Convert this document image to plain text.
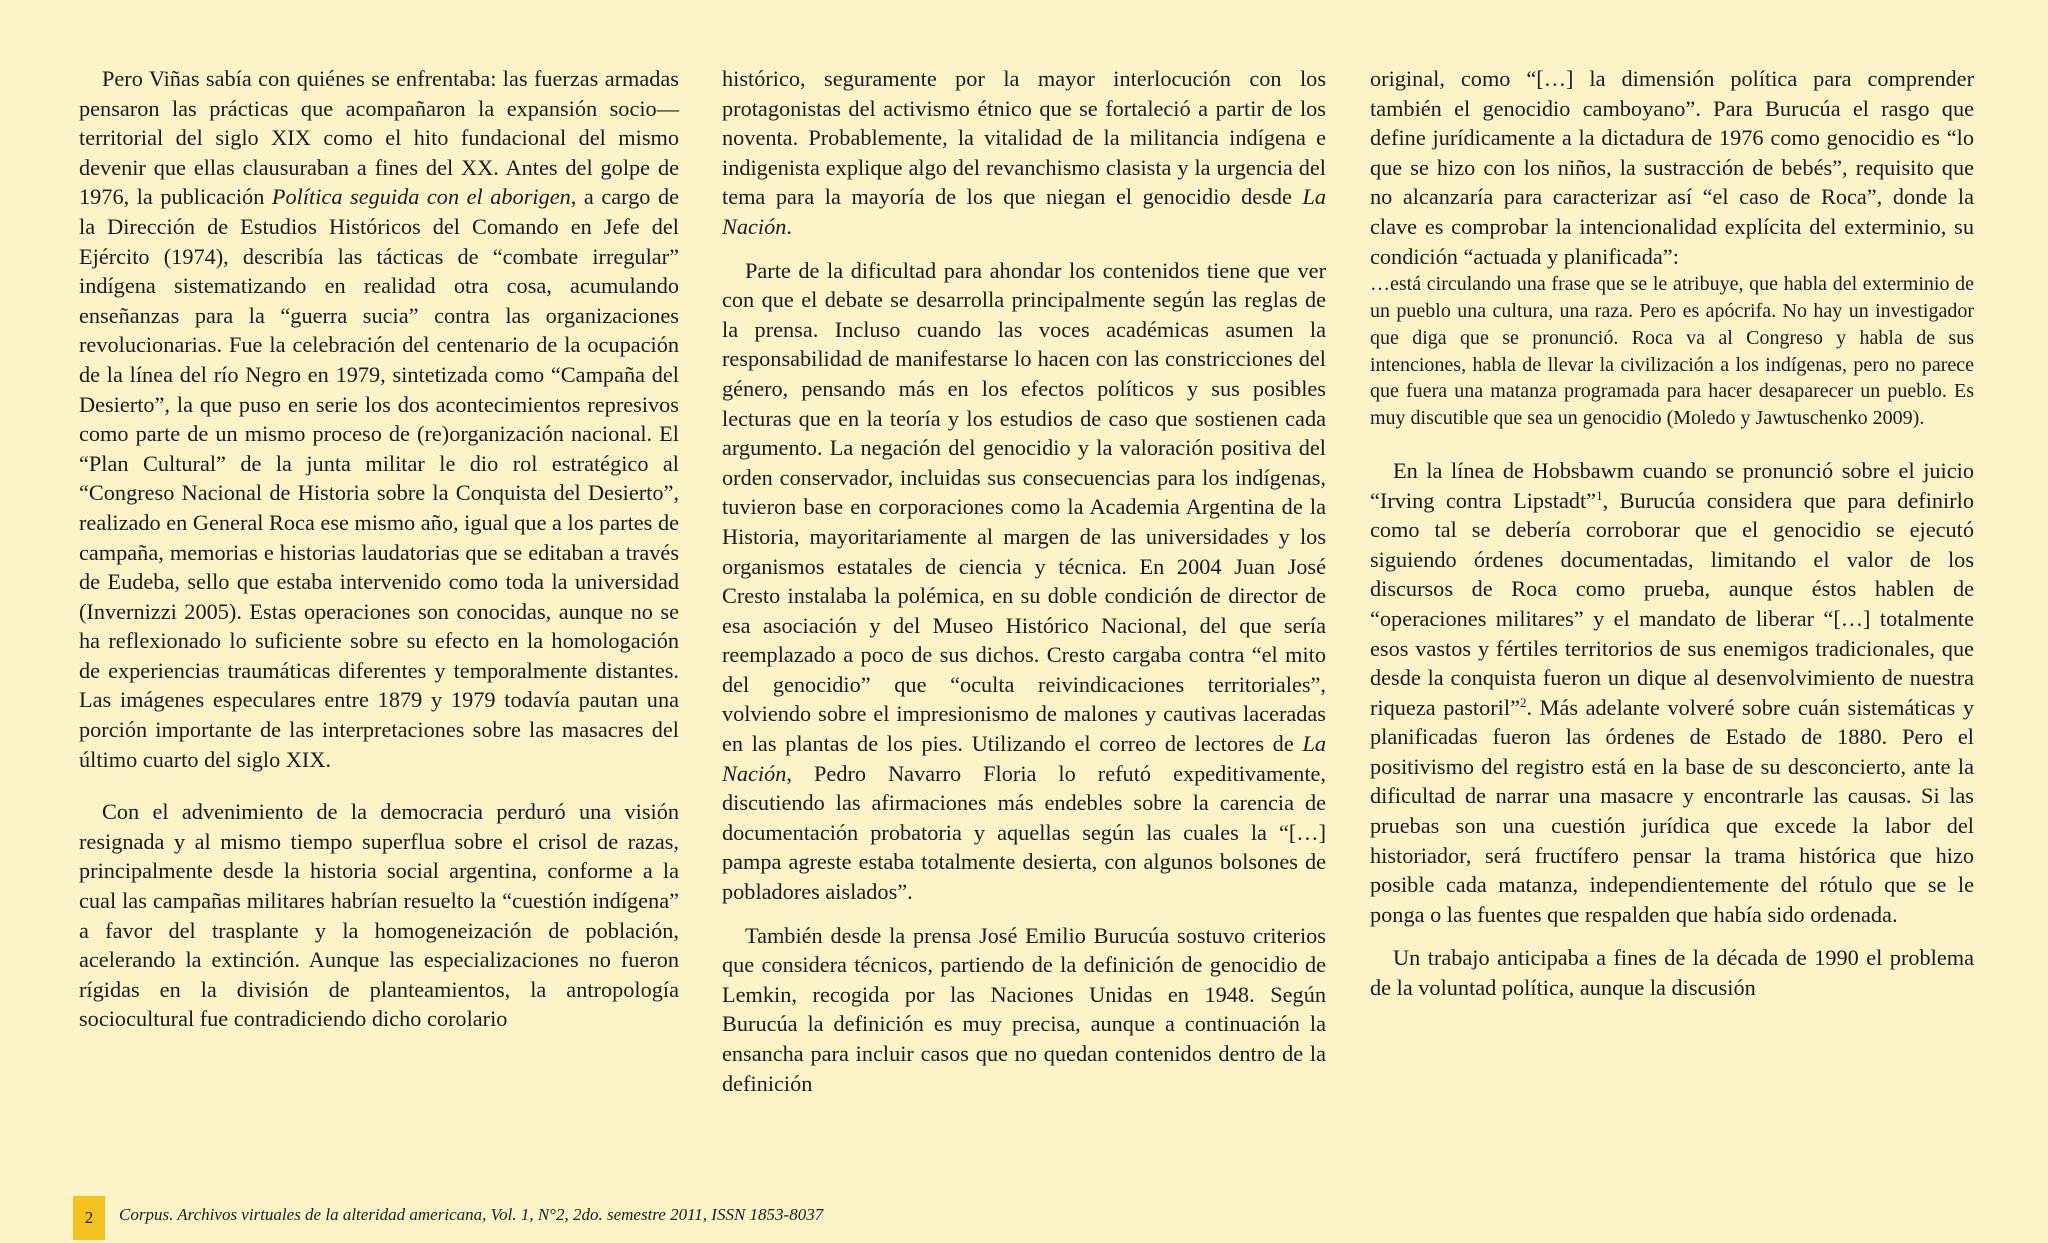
Pero Viñas sabía con quiénes se enfrentaba: las fuerzas armadas pensaron las prácticas que acompañaron la expansión socio—territorial del siglo XIX como el hito fundacional del mismo devenir que ellas clausuraban a fines del XX. Antes del golpe de 1976, la publicación Política seguida con el aborigen, a cargo de la Dirección de Estudios Históricos del Comando en Jefe del Ejército (1974), describía las tácticas de “combate irregular” indígena sistematizando en realidad otra cosa, acumulando enseñanzas para la “guerra sucia” contra las organizaciones revolucionarias. Fue la celebración del centenario de la ocupación de la línea del río Negro en 1979, sintetizada como “Campaña del Desierto”, la que puso en serie los dos acontecimientos represivos como parte de un mismo proceso de (re)organización nacional. El “Plan Cultural” de la junta militar le dio rol estratégico al “Congreso Nacional de Historia sobre la Conquista del Desierto”, realizado en General Roca ese mismo año, igual que a los partes de campaña, memorias e historias laudatorias que se editaban a través de Eudeba, sello que estaba intervenido como toda la universidad (Invernizzi 2005). Estas operaciones son conocidas, aunque no se ha reflexionado lo suficiente sobre su efecto en la homologación de experiencias traumáticas diferentes y temporalmente distantes. Las imágenes especulares entre 1879 y 1979 todavía pautan una porción importante de las interpretaciones sobre las masacres del último cuarto del siglo XIX.

Con el advenimiento de la democracia perduró una visión resignada y al mismo tiempo superflua sobre el crisol de razas, principalmente desde la historia social argentina, conforme a la cual las campañas militares habrían resuelto la “cuestión indígena” a favor del trasplante y la homogeneización de población, acelerando la extinción. Aunque las especializaciones no fueron rígidas en la división de planteamientos, la antropología sociocultural fue contradiciendo dicho corolario

histórico, seguramente por la mayor interlocución con los protagonistas del activismo étnico que se fortaleció a partir de los noventa. Probablemente, la vitalidad de la militancia indígena e indigenista explique algo del revanchismo clasista y la urgencia del tema para la mayoría de los que niegan el genocidio desde La Nación.

Parte de la dificultad para ahondar los contenidos tiene que ver con que el debate se desarrolla principalmente según las reglas de la prensa. Incluso cuando las voces académicas asumen la responsabilidad de manifestarse lo hacen con las constricciones del género, pensando más en los efectos políticos y sus posibles lecturas que en la teoría y los estudios de caso que sostienen cada argumento. La negación del genocidio y la valoración positiva del orden conservador, incluidas sus consecuencias para los indígenas, tuvieron base en corporaciones como la Academia Argentina de la Historia, mayoritariamente al margen de las universidades y los organismos estatales de ciencia y técnica. En 2004 Juan José Cresto instalaba la polémica, en su doble condición de director de esa asociación y del Museo Histórico Nacional, del que sería reemplazado a poco de sus dichos. Cresto cargaba contra “el mito del genocidio” que “oculta reivindicaciones territoriales”, volviendo sobre el impresionismo de malones y cautivas laceradas en las plantas de los pies. Utilizando el correo de lectores de La Nación, Pedro Navarro Floria lo refutó expeditivamente, discutiendo las afirmaciones más endebles sobre la carencia de documentación probatoria y aquellas según las cuales la “[…] pampa agreste estaba totalmente desierta, con algunos bolsones de pobladores aislados”.

También desde la prensa José Emilio Burucúa sostuvo criterios que considera técnicos, partiendo de la definición de genocidio de Lemkin, recogida por las Naciones Unidas en 1948. Según Burucúa la definición es muy precisa, aunque a continuación la ensancha para incluir casos que no quedan contenidos dentro de la definición

original, como “[…] la dimensión política para comprender también el genocidio camboyano”. Para Burucúa el rasgo que define jurídicamente a la dictadura de 1976 como genocidio es “lo que se hizo con los niños, la sustracción de bebés”, requisito que no alcanzaría para caracterizar así “el caso de Roca”, donde la clave es comprobar la intencionalidad explícita del exterminio, su condición “actuada y planificada”:

…está circulando una frase que se le atribuye, que habla del exterminio de un pueblo una cultura, una raza. Pero es apócrifa. No hay un investigador que diga que se pronunció. Roca va al Congreso y habla de sus intenciones, habla de llevar la civilización a los indígenas, pero no parece que fuera una matanza programada para hacer desaparecer un pueblo. Es muy discutible que sea un genocidio (Moledo y Jawtuschenko 2009).

En la línea de Hobsbawm cuando se pronunció sobre el juicio “Irving contra Lipstadt”$^1$, Burucúa considera que para definirlo como tal se debería corroborar que el genocidio se ejecutó siguiendo órdenes documentadas, limitando el valor de los discursos de Roca como prueba, aunque éstos hablen de “operaciones militares” y el mandato de liberar “[…] totalmente esos vastos y fértiles territorios de sus enemigos tradicionales, que desde la conquista fueron un dique al desenvolvimiento de nuestra riqueza pastoril”$^2$. Más adelante volveré sobre cuán sistemáticas y planificadas fueron las órdenes de Estado de 1880. Pero el positivismo del registro está en la base de su desconcierto, ante la dificultad de narrar una masacre y encontrarle las causas. Si las pruebas son una cuestión jurídica que excede la labor del historiador, será fructífero pensar la trama histórica que hizo posible cada matanza, independientemente del rótulo que se le ponga o las fuentes que respalden que había sido ordenada.

Un trabajo anticipaba a fines de la década de 1990 el problema de la voluntad política, aunque la discusión

2	Corpus. Archivos virtuales de la alteridad americana, Vol. 1, N°2, 2do. semestre 2011, ISSN 1853-8037
